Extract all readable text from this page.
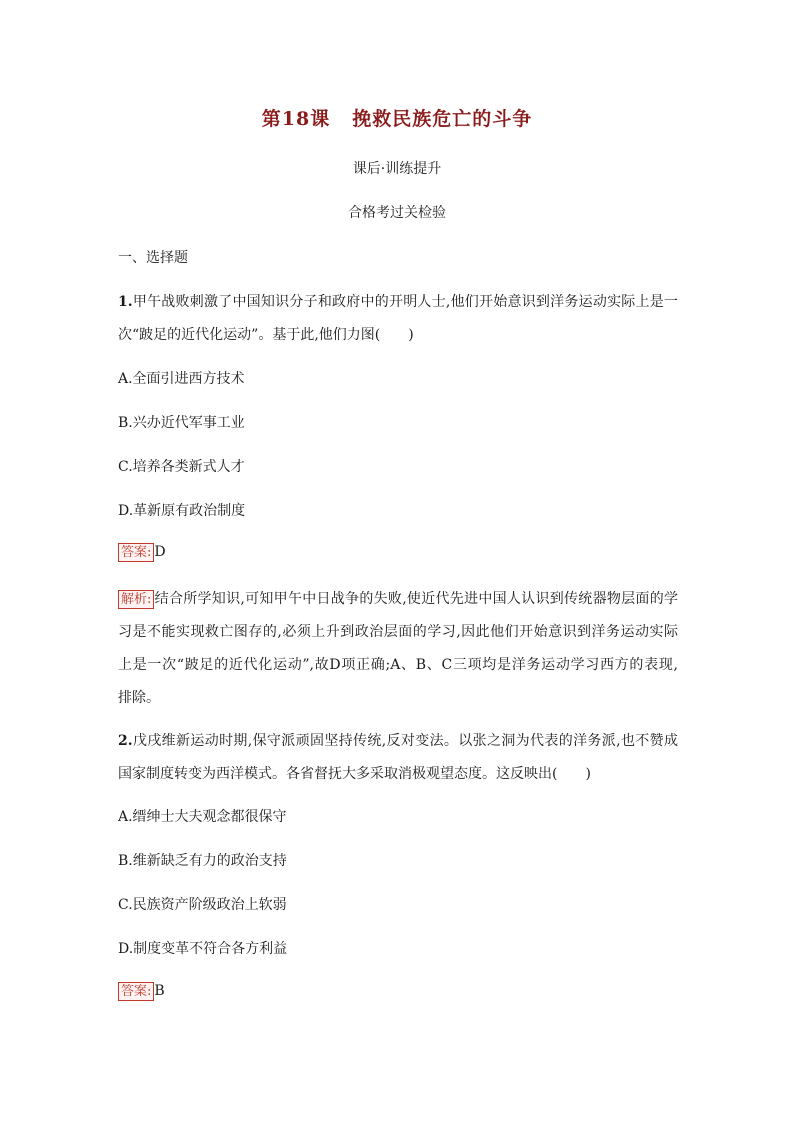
第18课 挽救民族危亡的斗争
课后·训练提升
合格考过关检验
一、选择题
1.甲午战败刺激了中国知识分子和政府中的开明人士,他们开始意识到洋务运动实际上是一
次“跛足的近代化运动”。基于此,他们力图(　　)
A.全面引进西方技术
B.兴办近代军事工业
C.培养各类新式人才
D.革新原有政治制度
答案: D
解析: 结合所学知识,可知甲午中日战争的失败,使近代先进中国人认识到传统器物层面的学
习是不能实现救亡图存的,必须上升到政治层面的学习,因此他们开始意识到洋务运动实际
上是一次“跛足的近代化运动”,故D项正确;A、B、C三项均是洋务运动学习西方的表现,
排除。
2.戊戌维新运动时期,保守派顽固坚持传统,反对变法。以张之洞为代表的洋务派,也不赞成
国家制度转变为西洋模式。各省督抚大多采取消极观望态度。这反映出(　　)
A.缙绅士大夫观念都很保守
B.维新缺乏有力的政治支持
C.民族资产阶级政治上软弱
D.制度变革不符合各方利益
答案: B
